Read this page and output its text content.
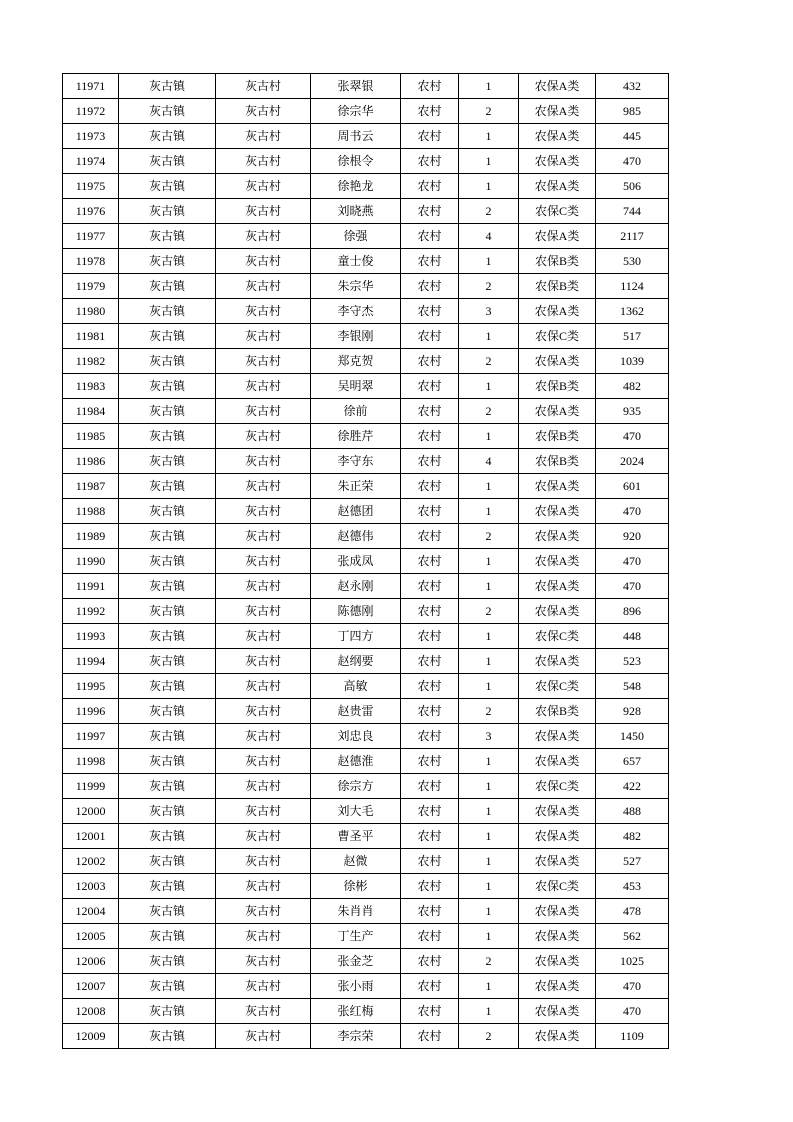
11971	灰古镇	灰古村	张翠银	农村	1	农保A类	432
11972	灰古镇	灰古村	徐宗华	农村	2	农保A类	985
11973	灰古镇	灰古村	周书云	农村	1	农保A类	445
11974	灰古镇	灰古村	徐根令	农村	1	农保A类	470
11975	灰古镇	灰古村	徐艳龙	农村	1	农保A类	506
11976	灰古镇	灰古村	刘晓燕	农村	2	农保C类	744
11977	灰古镇	灰古村	徐强	农村	4	农保A类	2117
11978	灰古镇	灰古村	童士俊	农村	1	农保B类	530
11979	灰古镇	灰古村	朱宗华	农村	2	农保B类	1124
11980	灰古镇	灰古村	李守杰	农村	3	农保A类	1362
11981	灰古镇	灰古村	李银刚	农村	1	农保C类	517
11982	灰古镇	灰古村	郑克贺	农村	2	农保A类	1039
11983	灰古镇	灰古村	吴明翠	农村	1	农保B类	482
11984	灰古镇	灰古村	徐前	农村	2	农保A类	935
11985	灰古镇	灰古村	徐胜芹	农村	1	农保B类	470
11986	灰古镇	灰古村	李守东	农村	4	农保B类	2024
11987	灰古镇	灰古村	朱正荣	农村	1	农保A类	601
11988	灰古镇	灰古村	赵德团	农村	1	农保A类	470
11989	灰古镇	灰古村	赵德伟	农村	2	农保A类	920
11990	灰古镇	灰古村	张成凤	农村	1	农保A类	470
11991	灰古镇	灰古村	赵永刚	农村	1	农保A类	470
11992	灰古镇	灰古村	陈德刚	农村	2	农保A类	896
11993	灰古镇	灰古村	丁四方	农村	1	农保C类	448
11994	灰古镇	灰古村	赵纲要	农村	1	农保A类	523
11995	灰古镇	灰古村	高敏	农村	1	农保C类	548
11996	灰古镇	灰古村	赵贵雷	农村	2	农保B类	928
11997	灰古镇	灰古村	刘忠良	农村	3	农保A类	1450
11998	灰古镇	灰古村	赵德淮	农村	1	农保A类	657
11999	灰古镇	灰古村	徐宗方	农村	1	农保C类	422
12000	灰古镇	灰古村	刘大毛	农村	1	农保A类	488
12001	灰古镇	灰古村	曹圣平	农村	1	农保A类	482
12002	灰古镇	灰古村	赵微	农村	1	农保A类	527
12003	灰古镇	灰古村	徐彬	农村	1	农保C类	453
12004	灰古镇	灰古村	朱肖肖	农村	1	农保A类	478
12005	灰古镇	灰古村	丁生产	农村	1	农保A类	562
12006	灰古镇	灰古村	张金芝	农村	2	农保A类	1025
12007	灰古镇	灰古村	张小雨	农村	1	农保A类	470
12008	灰古镇	灰古村	张红梅	农村	1	农保A类	470
12009	灰古镇	灰古村	李宗荣	农村	2	农保A类	1109
